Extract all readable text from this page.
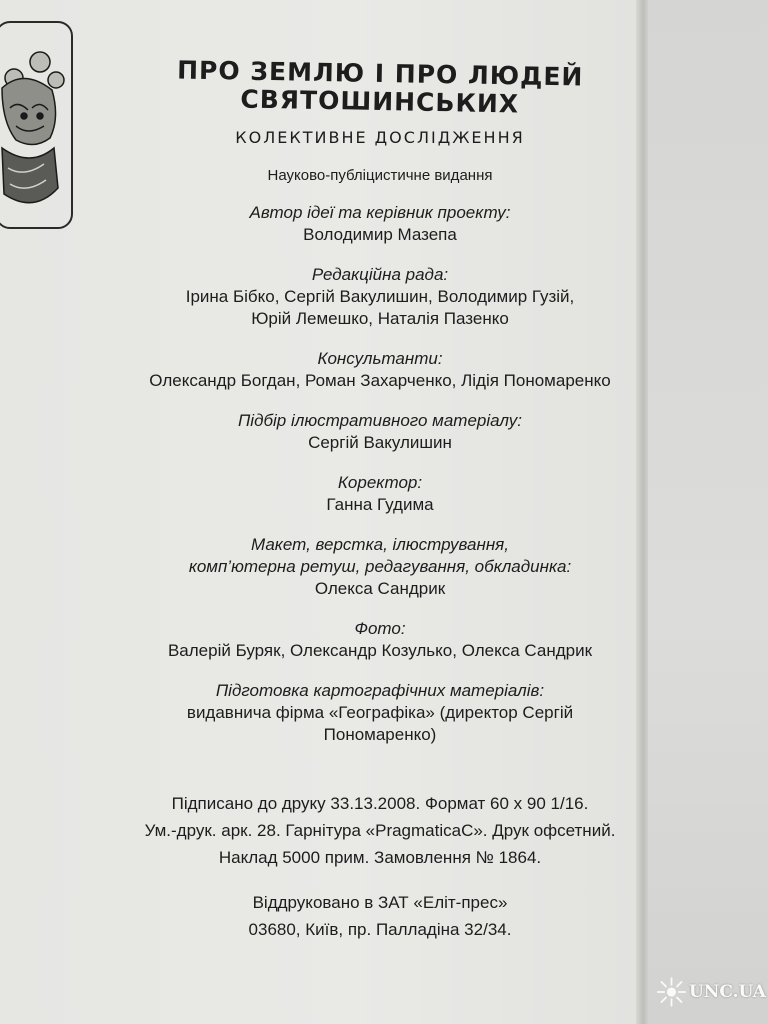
ПРО ЗЕМЛЮ І ПРО ЛЮДЕЙ
СВЯТОШИНСЬКИХ
КОЛЕКТИВНЕ ДОСЛІДЖЕННЯ
Науково-публіцистичне видання
Автор ідеї та керівник проекту:
Володимир Мазепа
Редакційна рада:
Ірина Бібко, Сергій Вакулишин, Володимир Гузій,
Юрій Лемешко, Наталія Пазенко
Консультанти:
Олександр Богдан, Роман Захарченко, Лідія Пономаренко
Підбір ілюстративного матеріалу:
Сергій Вакулишин
Коректор:
Ганна Гудима
Макет, верстка, ілюстрування,
комп’ютерна ретуш, редагування, обкладинка:
Олекса Сандрик
Фото:
Валерій Буряк, Олександр Козулько, Олекса Сандрик
Підготовка картографічних матеріалів:
видавнича фірма «Географіка» (директор Сергій Пономаренко)
Підписано до друку 33.13.2008. Формат 60 x 90 1/16.
Ум.-друк. арк. 28. Гарнітура «PragmaticaC». Друк офсетний.
Наклад 5000 прим. Замовлення № 1864.
Віддруковано в ЗАТ «Еліт-прес»
03680, Київ, пр. Палладіна 32/34.
UNC.UA
